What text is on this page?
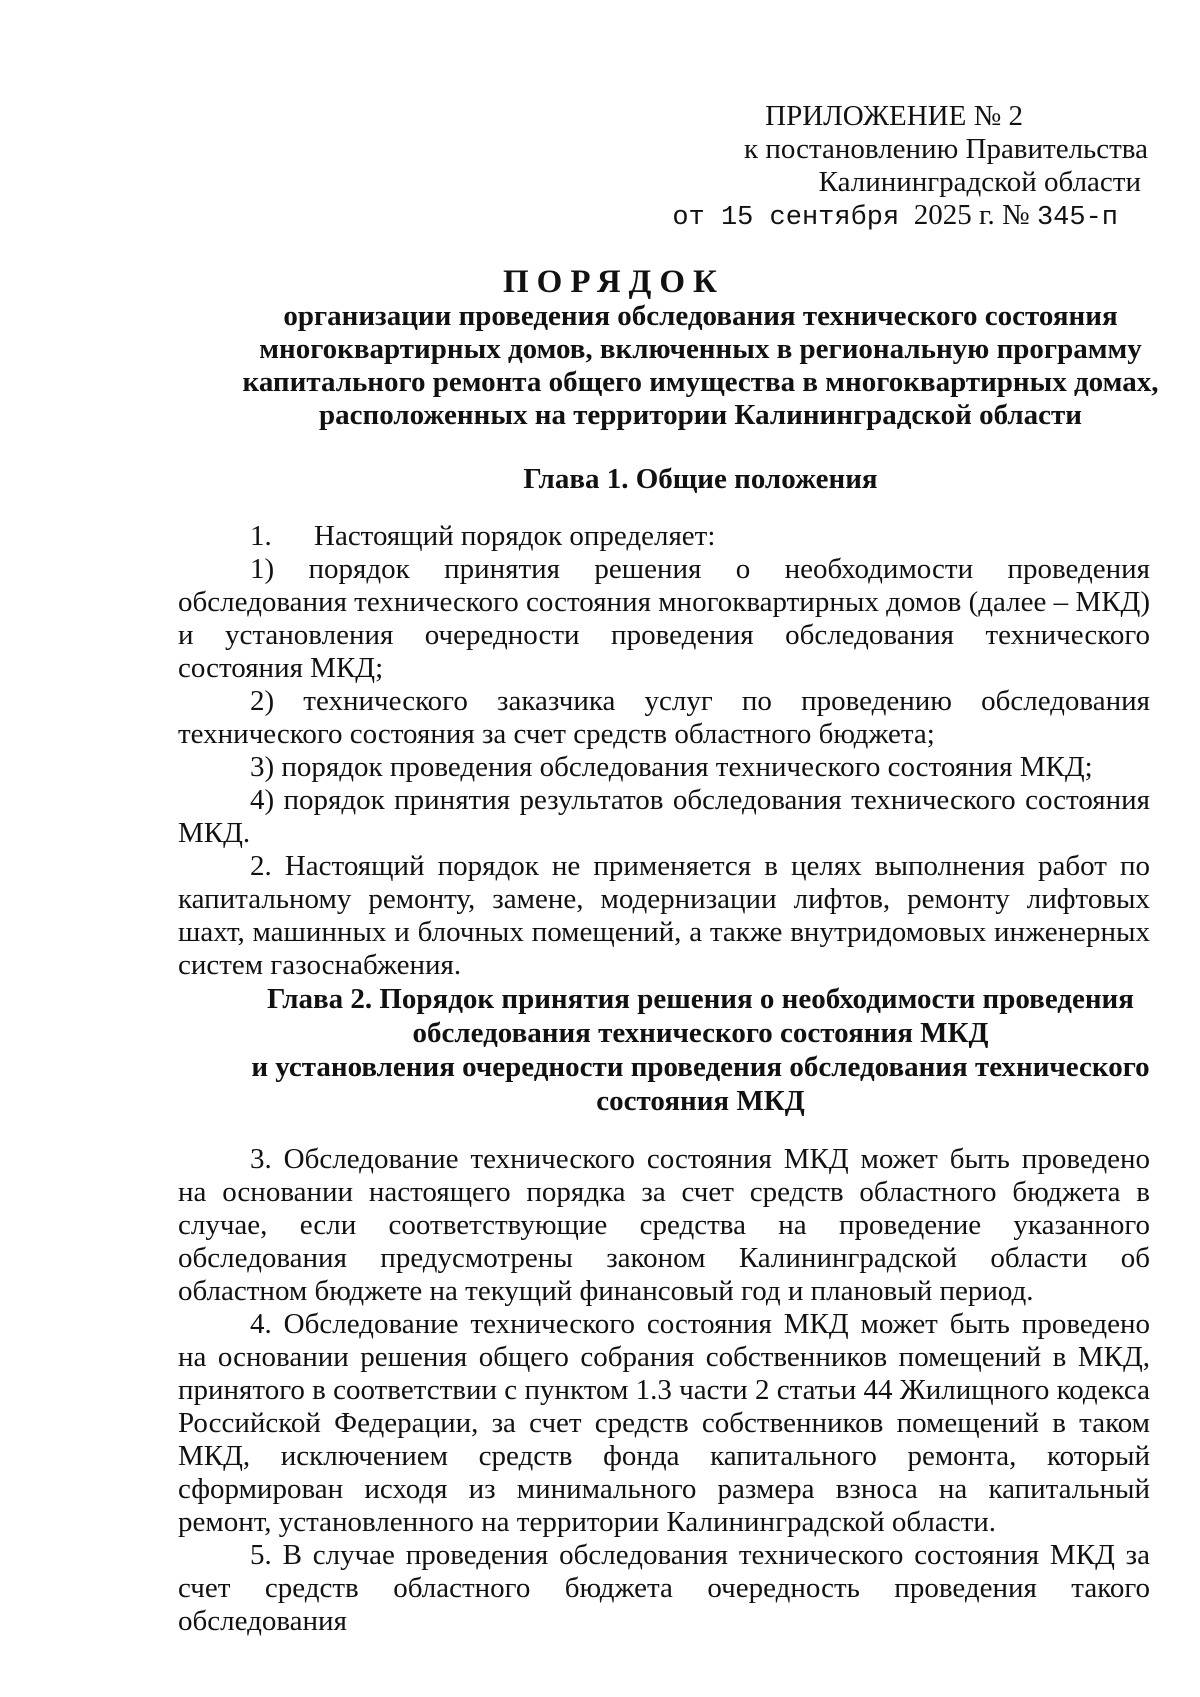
ПРИЛОЖЕНИЕ № 2
к постановлению Правительства
Калининградской области
от 15 сентября 2025 г. № 345-п
ПОРЯДОК
организации проведения обследования технического состояния многоквартирных домов, включенных в региональную программу капитального ремонта общего имущества в многоквартирных домах, расположенных на территории Калининградской области
Глава 1. Общие положения

1. Настоящий порядок определяет:

1) порядок принятия решения о необходимости проведения обследования технического состояния многоквартирных домов (далее – МКД) и установления очередности проведения обследования технического состояния МКД;

2) технического заказчика услуг по проведению обследования технического состояния за счет средств областного бюджета;

3) порядок проведения обследования технического состояния МКД;

4) порядок принятия результатов обследования технического состояния МКД.

2. Настоящий порядок не применяется в целях выполнения работ по капитальному ремонту, замене, модернизации лифтов, ремонту лифтовых шахт, машинных и блочных помещений, а также внутридомовых инженерных систем газоснабжения.

Глава 2. Порядок принятия решения о необходимости проведения
обследования технического состояния МКД
и установления очередности проведения обследования технического
состояния МКД

3. Обследование технического состояния МКД может быть проведено на основании настоящего порядка за счет средств областного бюджета в случае, если соответствующие средства на проведение указанного обследования предусмотрены законом Калининградской области об областном бюджете на текущий финансовый год и плановый период.

4. Обследование технического состояния МКД может быть проведено на основании решения общего собрания собственников помещений в МКД, принятого в соответствии с пунктом 1.3 части 2 статьи 44 Жилищного кодекса Российской Федерации, за счет средств собственников помещений в таком МКД, исключением средств фонда капитального ремонта, который сформирован исходя из минимального размера взноса на капитальный ремонт, установленного на территории Калининградской области.

5. В случае проведения обследования технического состояния МКД за счет средств областного бюджета очередность проведения такого обследования
